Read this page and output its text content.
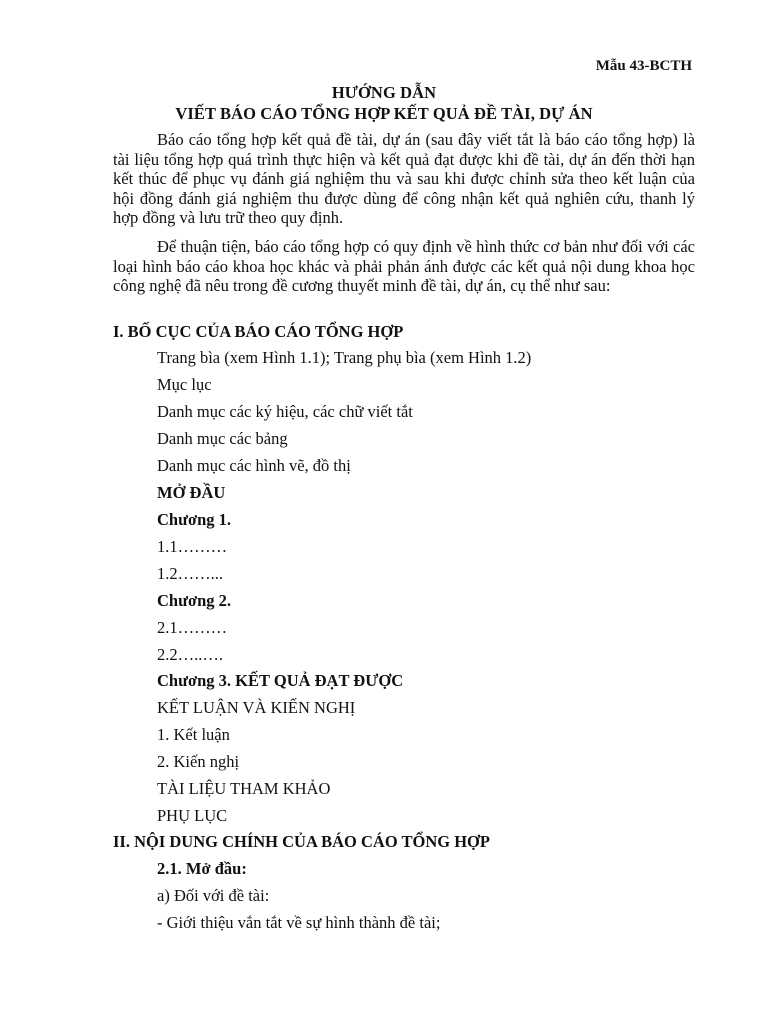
Mẫu 43-BCTH
HƯỚNG DẪN
VIẾT BÁO CÁO TỔNG HỢP KẾT QUẢ ĐỀ TÀI, DỰ ÁN

Báo cáo tổng hợp kết quả đề tài, dự án (sau đây viết tắt là báo cáo tổng hợp) là tài liệu tổng hợp quá trình thực hiện và kết quả đạt được khi đề tài, dự án đến thời hạn kết thúc để phục vụ đánh giá nghiệm thu và sau khi được chỉnh sửa theo kết luận của hội đồng đánh giá nghiệm thu được dùng để công nhận kết quả nghiên cứu, thanh lý hợp đồng và lưu trữ theo quy định.

Để thuận tiện, báo cáo tổng hợp có quy định về hình thức cơ bản như đối với các loại hình báo cáo khoa học khác và phải phản ánh được các kết quả nội dung khoa học công nghệ đã nêu trong đề cương thuyết minh đề tài, dự án, cụ thể như sau:

I. BỐ CỤC CỦA BÁO CÁO TỔNG HỢP
Trang bìa (xem Hình 1.1); Trang phụ bìa (xem Hình 1.2)
Mục lục
Danh mục các ký hiệu, các chữ viết tắt
Danh mục các bảng
Danh mục các hình vẽ, đồ thị
MỞ ĐẦU
Chương 1.
1.1………
1.2……...
Chương 2.
2.1………
2.2…..….
Chương 3. KẾT QUẢ ĐẠT ĐƯỢC
KẾT LUẬN VÀ KIẾN NGHỊ
1. Kết luận
2. Kiến nghị
TÀI LIỆU THAM KHẢO
PHỤ LỤC
II. NỘI DUNG CHÍNH CỦA BÁO CÁO TỔNG HỢP
2.1. Mở đầu:
a) Đối với đề tài:
- Giới thiệu vắn tắt về sự hình thành đề tài;
